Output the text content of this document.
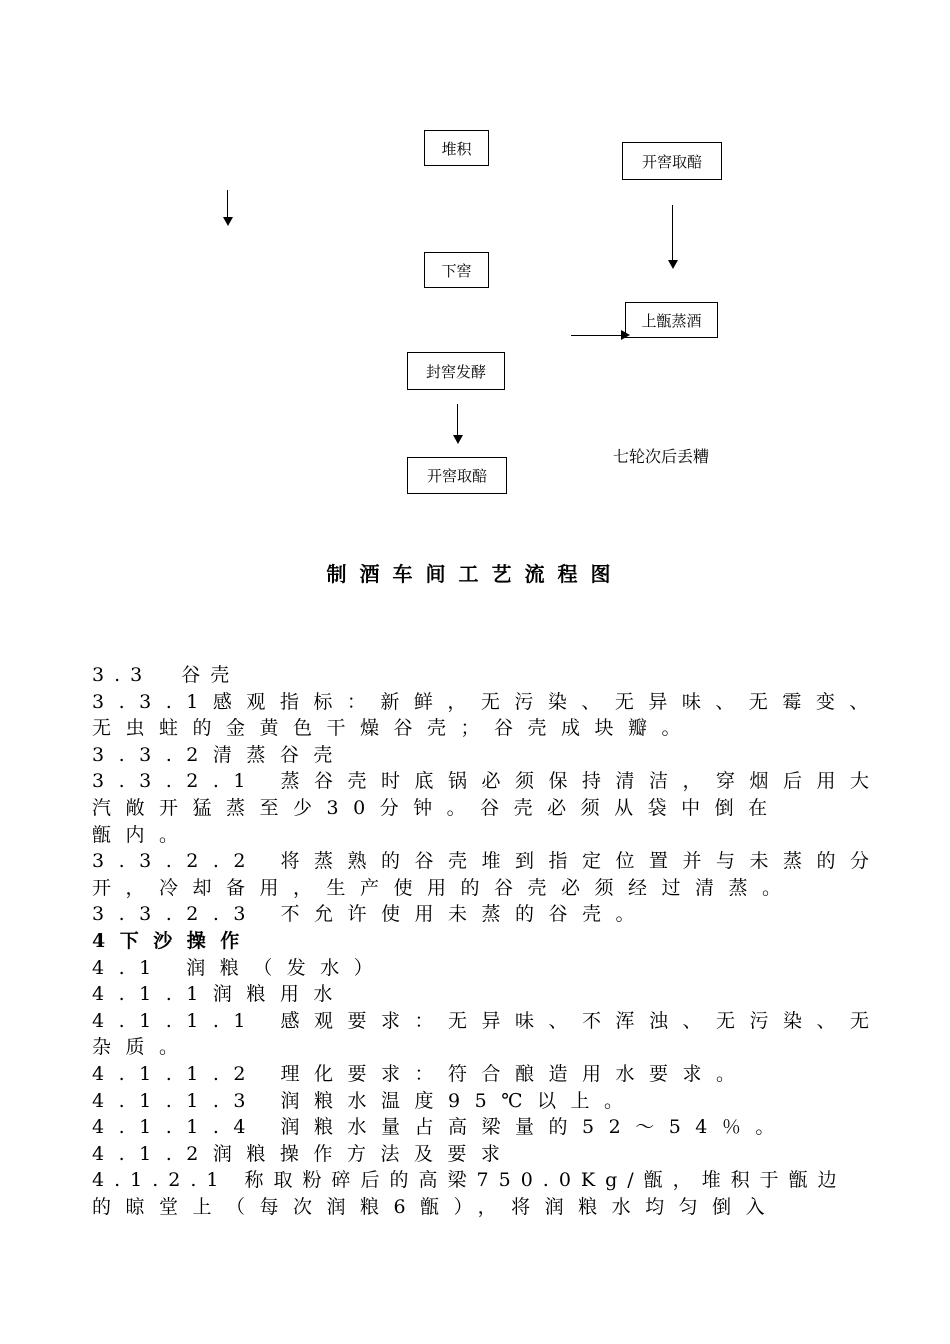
堆积
开窖取醅
下窖
上甑蒸酒
封窖发酵
开窖取醅
七轮次后丢糟
制酒车间工艺流程图
3.3　谷壳
3.3.1感观指标：新鲜，无污染、无异味、无霉变、
无虫蛀的金黄色干燥谷壳；谷壳成块瓣。
3.3.2清蒸谷壳
3.3.2.1 蒸谷壳时底锅必须保持清洁，穿烟后用大
汽敞开猛蒸至少30分钟。谷壳必须从袋中倒在
甑内。
3.3.2.2 将蒸熟的谷壳堆到指定位置并与未蒸的分
开，冷却备用，生产使用的谷壳必须经过清蒸。
3.3.2.3 不允许使用未蒸的谷壳。
4下沙操作
4.1 润粮（发水）
4.1.1润粮用水
4.1.1.1 感观要求：无异味、不浑浊、无污染、无
杂质。
4.1.1.2 理化要求：符合酿造用水要求。
4.1.1.3 润粮水温度95℃以上。
4.1.1.4 润粮水量占高梁量的52～54％。
4.1.2润粮操作方法及要求
4.1.2.1 称取粉碎后的高梁750.0Kg/甑，堆积于甑边
的晾堂上（每次润粮6甑），将润粮水均匀倒入
